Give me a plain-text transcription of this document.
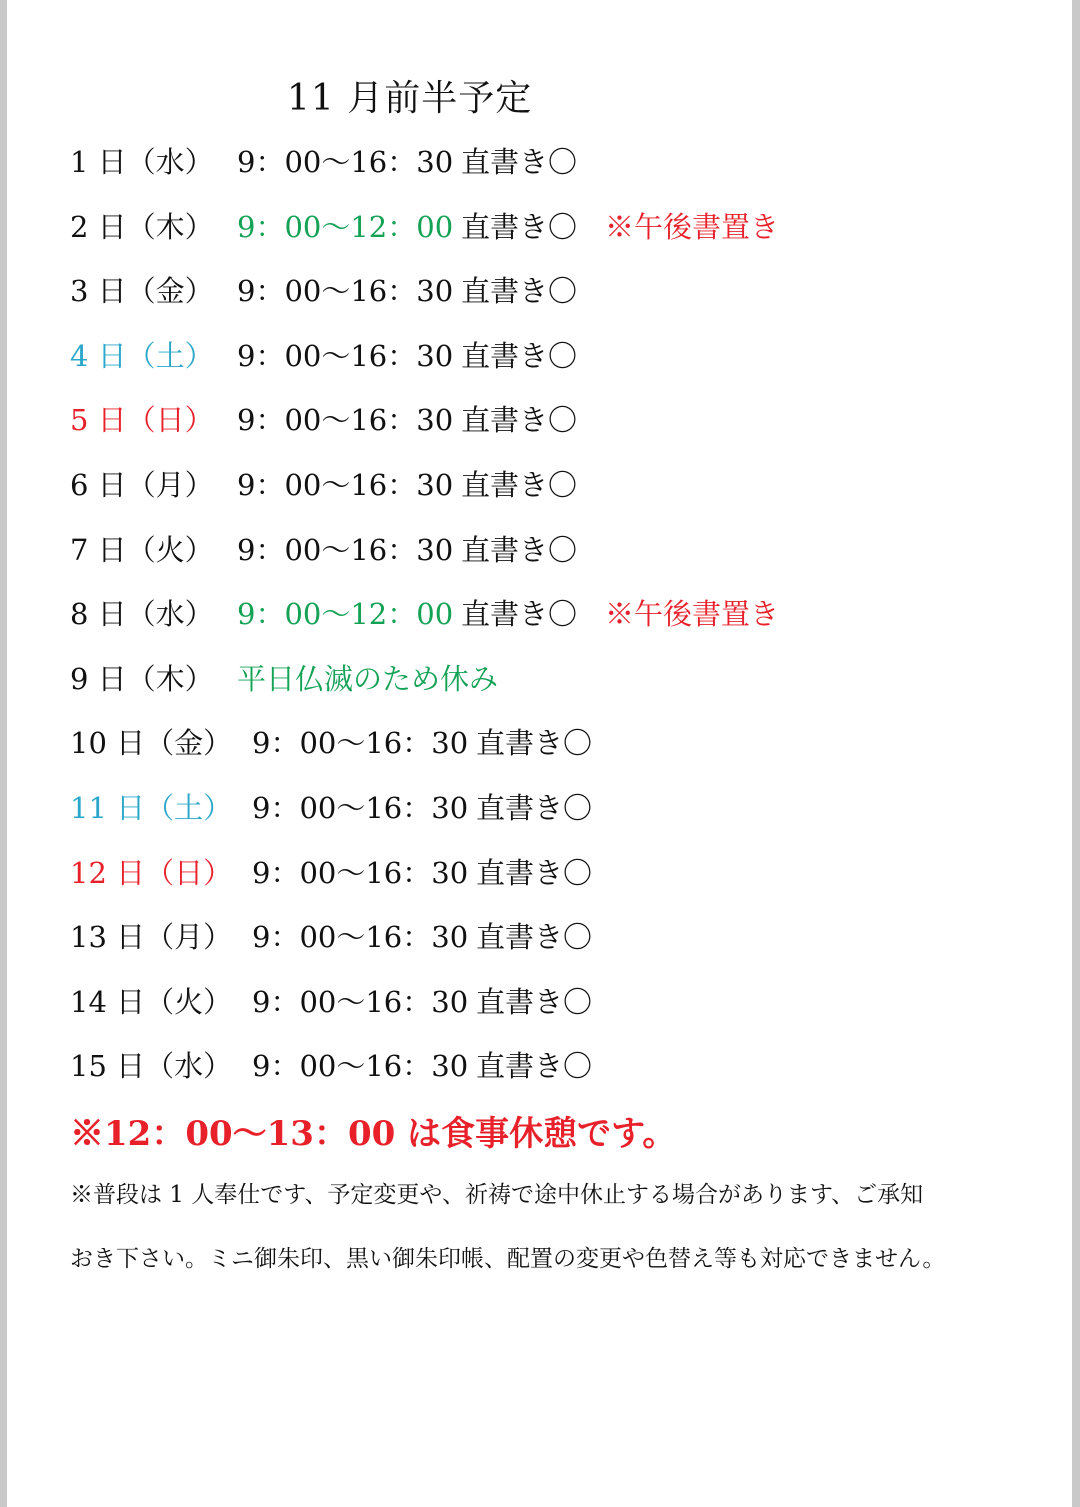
11 月前半予定
1 日（水） 9：00〜16：30 直書き〇
2 日（木） 9：00〜12：00 直書き〇 ※午後書置き
3 日（金） 9：00〜16：30 直書き〇
4 日（土） 9：00〜16：30 直書き〇
5 日（日） 9：00〜16：30 直書き〇
6 日（月） 9：00〜16：30 直書き〇
7 日（火） 9：00〜16：30 直書き〇
8 日（水） 9：00〜12：00 直書き〇 ※午後書置き
9 日（木） 平日仏滅のため休み
10 日（金） 9：00〜16：30 直書き〇
11 日（土） 9：00〜16：30 直書き〇
12 日（日） 9：00〜16：30 直書き〇
13 日（月） 9：00〜16：30 直書き〇
14 日（火） 9：00〜16：30 直書き〇
15 日（水） 9：00〜16：30 直書き〇
※12：00〜13：00 は食事休憩です。

※普段は 1 人奉仕です、予定変更や、祈祷で途中休止する場合があります、ご承知

おき下さい。ミニ御朱印、黒い御朱印帳、配置の変更や色替え等も対応できません。
